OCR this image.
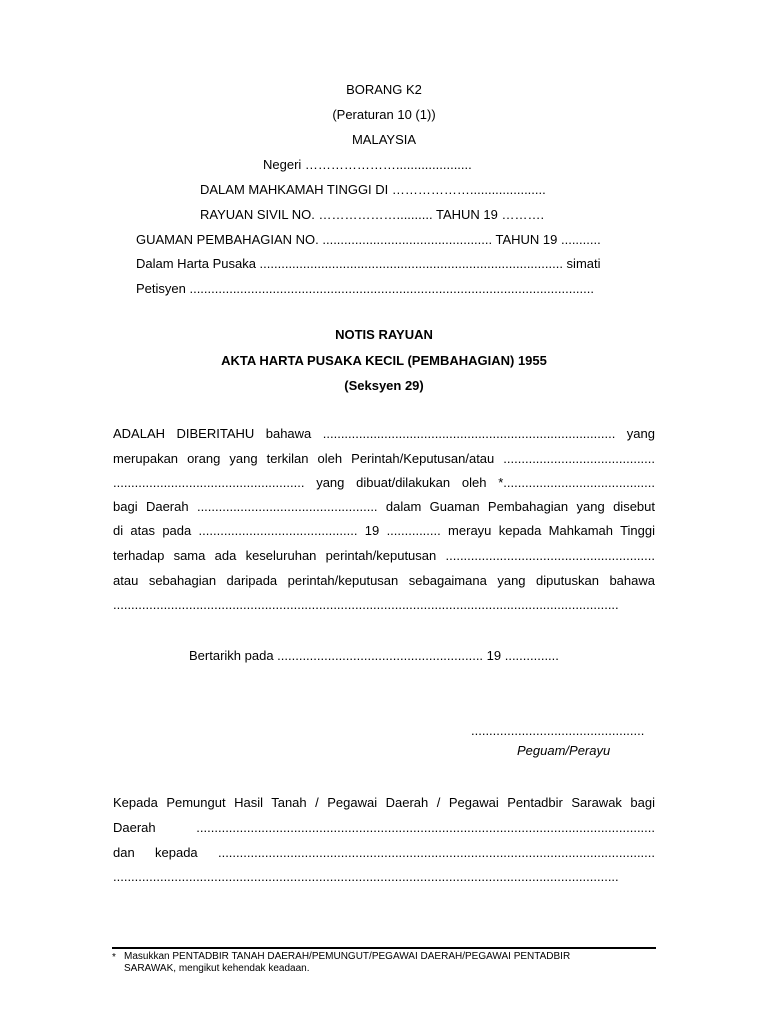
BORANG K2
(Peraturan 10 (1))
MALAYSIA
Negeri ………………….....................
DALAM MAHKAMAH TINGGI DI ……………….....................
RAYUAN SIVIL NO. ……………….......... TAHUN 19 ……….
GUAMAN PEMBAHAGIAN NO. ............................................... TAHUN 19 ...........
Dalam Harta Pusaka .................................................................................... simati
Petisyen ................................................................................................................
NOTIS RAYUAN
AKTA HARTA PUSAKA KECIL (PEMBAHAGIAN) 1955
(Seksyen 29)
ADALAH DIBERITAHU bahawa ................................................................................. yang
merupakan orang yang terkilan oleh Perintah/Keputusan/atau ..........................................
..................................................... yang dibuat/dilakukan oleh *..........................................
bagi Daerah .................................................. dalam Guaman Pembahagian yang disebut
di atas pada ............................................ 19 ............... merayu kepada Mahkamah Tinggi
terhadap sama ada keseluruhan perintah/keputusan ..........................................................
atau sebahagian daripada perintah/keputusan sebagaimana yang diputuskan bahawa
............................................................................................................................................
Bertarikh pada ......................................................... 19 ...............
................................................
Peguam/Perayu
Kepada Pemungut Hasil Tanah / Pegawai Daerah / Pegawai Pentadbir Sarawak bagi
Daerah ...............................................................................................................................
dan kepada .........................................................................................................................
............................................................................................................................................
* Masukkan PENTADBIR TANAH DAERAH/PEMUNGUT/PEGAWAI DAERAH/PEGAWAI PENTADBIR
SARAWAK, mengikut kehendak keadaan.
